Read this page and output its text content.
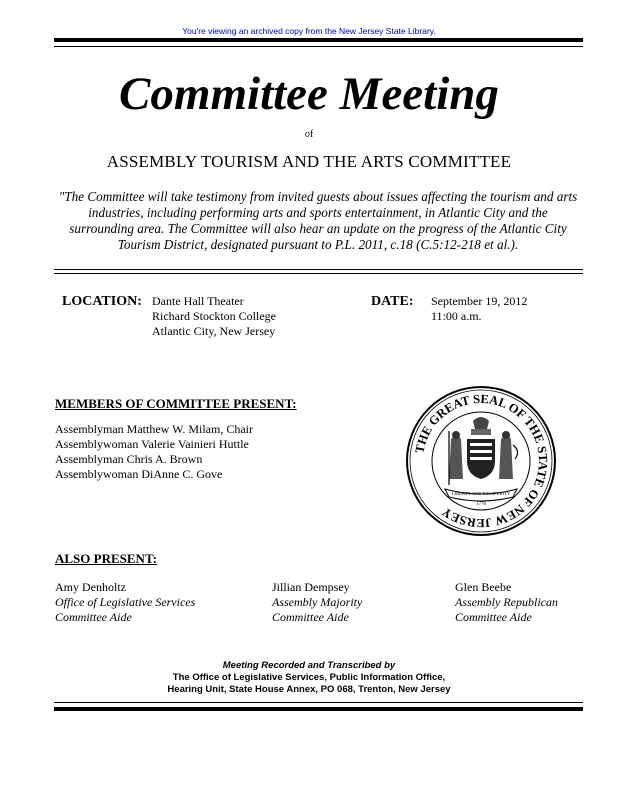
You're viewing an archived copy from the New Jersey State Library.
Committee Meeting
of
ASSEMBLY TOURISM AND THE ARTS COMMITTEE
"The Committee will take testimony from invited guests about issues affecting the tourism and arts industries, including performing arts and sports entertainment, in Atlantic City and the surrounding area. The Committee will also hear an update on the progress of the Atlantic City Tourism District, designated pursuant to P.L. 2011, c.18 (C.5:12-218 et al.).
LOCATION: Dante Hall Theater
Richard Stockton College
Atlantic City, New Jersey
DATE: September 19, 2012
11:00 a.m.
MEMBERS OF COMMITTEE PRESENT:
Assemblyman Matthew W. Milam, Chair
Assemblywoman Valerie Vainieri Huttle
Assemblyman Chris A. Brown
Assemblywoman DiAnne C. Gove
THE GREAT SEAL OF THE STATE OF NEW JERSEY
LIBERTY AND PROSPERITY
1776
ALSO PRESENT:
Amy Denholtz
Office of Legislative Services
Committee Aide
Jillian Dempsey
Assembly Majority
Committee Aide
Glen Beebe
Assembly Republican
Committee Aide
Meeting Recorded and Transcribed by
The Office of Legislative Services, Public Information Office,
Hearing Unit, State House Annex, PO 068, Trenton, New Jersey
